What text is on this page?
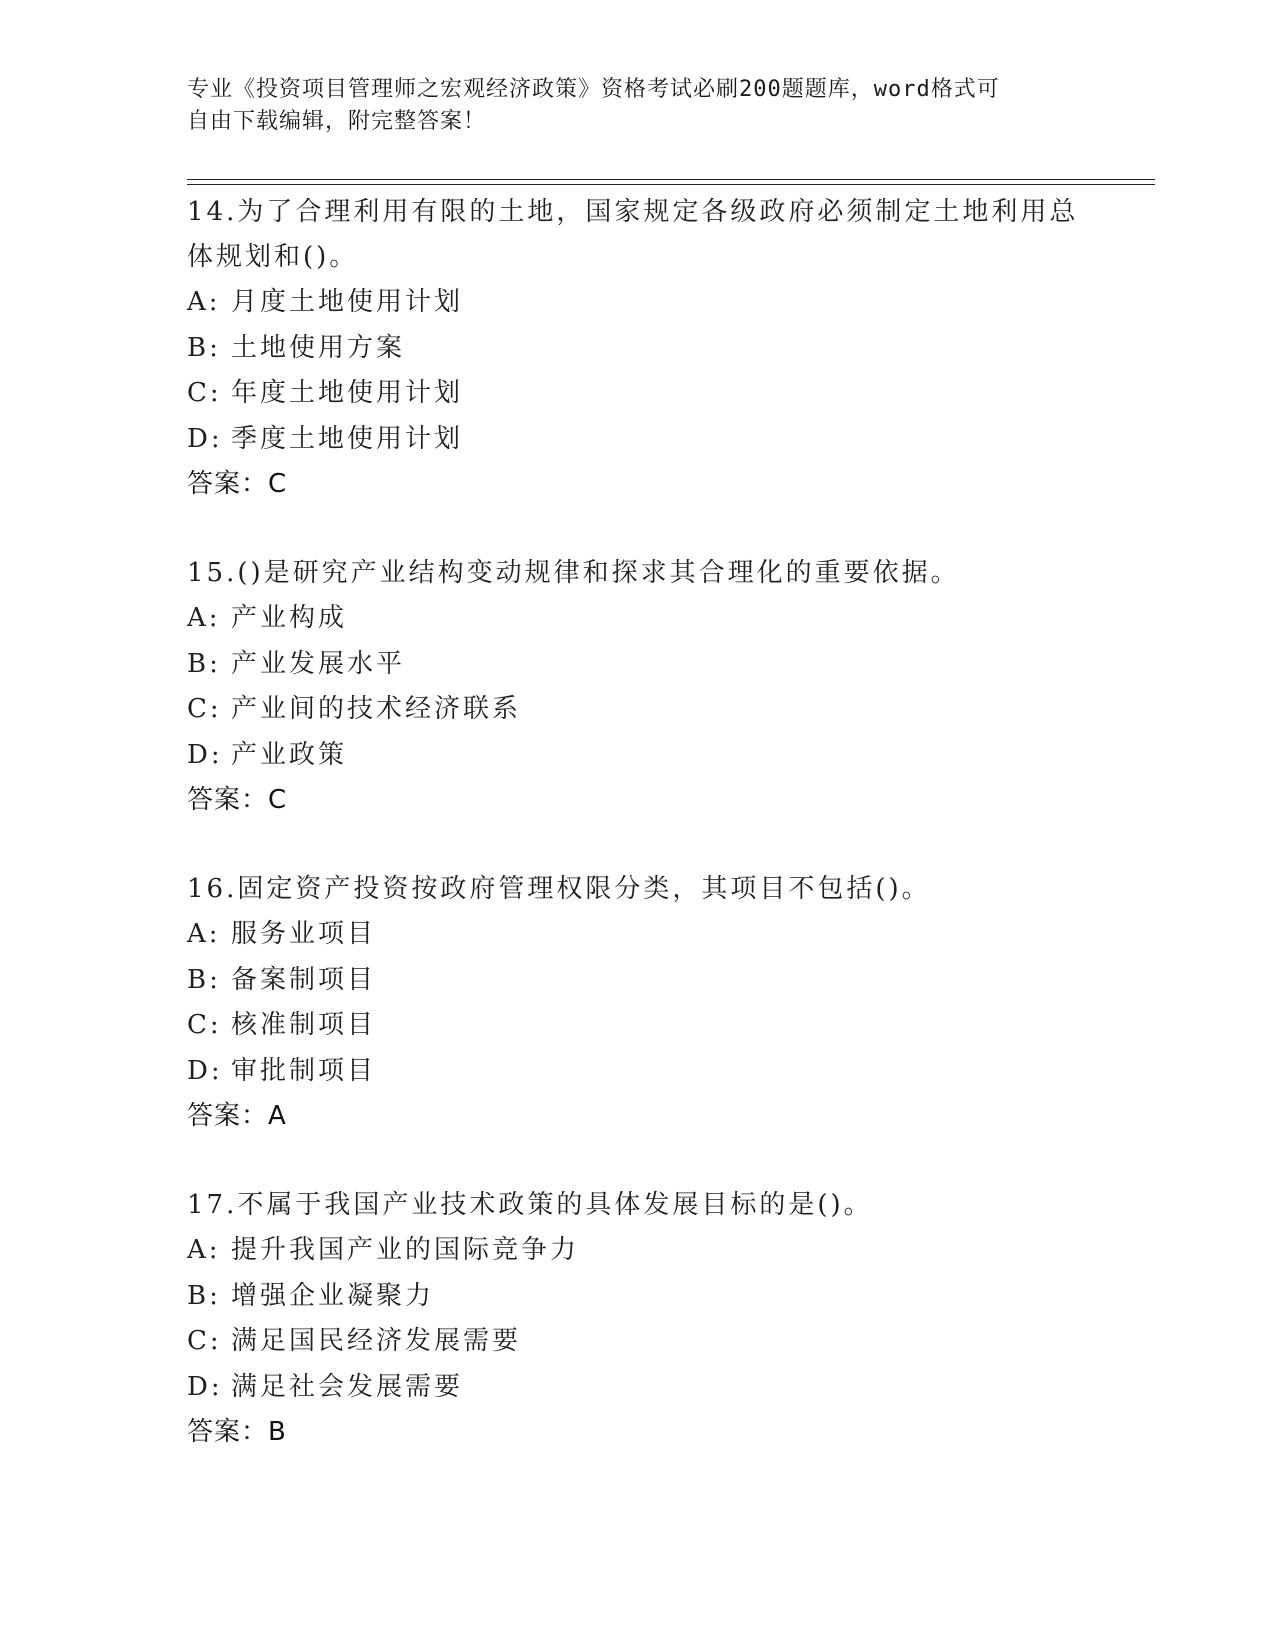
专业《投资项目管理师之宏观经济政策》资格考试必刷200题题库，word格式可
自由下载编辑，附完整答案！
14.为了合理利用有限的土地，国家规定各级政府必须制定土地利用总
体规划和()。
A: 月度土地使用计划
B: 土地使用方案
C: 年度土地使用计划
D: 季度土地使用计划
答案：C
15.()是研究产业结构变动规律和探求其合理化的重要依据。
A: 产业构成
B: 产业发展水平
C: 产业间的技术经济联系
D: 产业政策
答案：C
16.固定资产投资按政府管理权限分类，其项目不包括()。
A: 服务业项目
B: 备案制项目
C: 核准制项目
D: 审批制项目
答案：A
17.不属于我国产业技术政策的具体发展目标的是()。
A: 提升我国产业的国际竞争力
B: 增强企业凝聚力
C: 满足国民经济发展需要
D: 满足社会发展需要
答案：B
